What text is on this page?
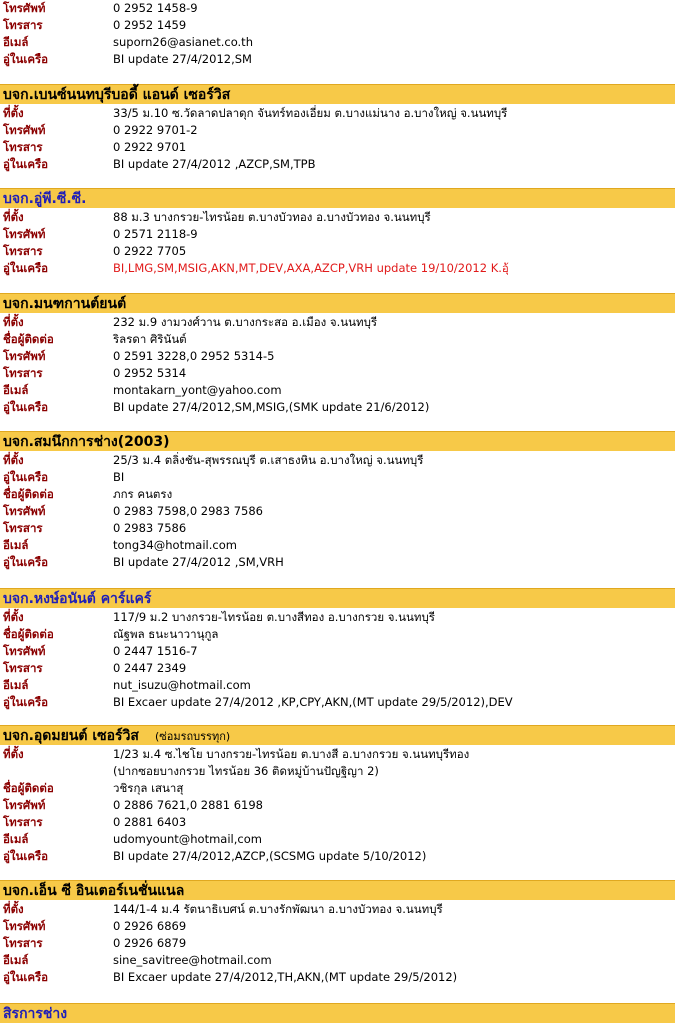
โทรศัพท์	0 2952 1458-9
โทรสาร	0 2952 1459
อีเมล์	suporn26@asianet.co.th
อู่ในเครือ	BI update 27/4/2012,SM
บจก.เบนซ์นนทบุรีบอดี้ แอนด์ เซอร์วิส
ที่ตั้ง	33/5 ม.10 ซ.วัดลาดปลาดุก จันทร์ทองเอี่ยม ต.บางแม่นาง อ.บางใหญ่ จ.นนทบุรี
โทรศัพท์	0 2922 9701-2
โทรสาร	0 2922 9701
อู่ในเครือ	BI update 27/4/2012 ,AZCP,SM,TPB
บจก.อู่พี.ซี.ซี.
ที่ตั้ง	88 ม.3 บางกรวย-ไทรน้อย ต.บางบัวทอง อ.บางบัวทอง จ.นนทบุรี
โทรศัพท์	0 2571 2118-9
โทรสาร	0 2922 7705
อู่ในเครือ	BI,LMG,SM,MSIG,AKN,MT,DEV,AXA,AZCP,VRH update 19/10/2012 K.อุ้
บจก.มนฑกานต์ยนต์
ที่ตั้ง	232 ม.9 งามวงศ์วาน ต.บางกระสอ อ.เมือง จ.นนทบุรี
ชื่อผู้ติดต่อ	ริลรดา ศิรินันต์
โทรศัพท์	0 2591 3228,0 2952 5314-5
โทรสาร	0 2952 5314
อีเมล์	montakarn_yont@yahoo.com
อู่ในเครือ	BI update 27/4/2012,SM,MSIG,(SMK update 21/6/2012)
บจก.สมนึกการช่าง(2003)
ที่ตั้ง	25/3 ม.4 ตลิ่งชัน-สุพรรณบุรี ต.เสาธงหิน อ.บางใหญ่ จ.นนทบุรี
อู่ในเครือ	BI
ชื่อผู้ติดต่อ	ภกร คนตรง
โทรศัพท์	0 2983 7598,0 2983 7586
โทรสาร	0 2983 7586
อีเมล์	tong34@hotmail.com
อู่ในเครือ	BI update 27/4/2012 ,SM,VRH
บจก.หงษ์อนันต์ คาร์แคร์
ที่ตั้ง	117/9 ม.2 บางกรวย-ไทรน้อย ต.บางสีทอง อ.บางกรวย จ.นนทบุรี
ชื่อผู้ติดต่อ	ณัฐพล ธนะนาวานุกูล
โทรศัพท์	0 2447 1516-7
โทรสาร	0 2447 2349
อีเมล์	nut_isuzu@hotmail.com
อู่ในเครือ	BI Excaer update 27/4/2012 ,KP,CPY,AKN,(MT update 29/5/2012),DEV
บจก.อุดมยนต์ เซอร์วิส (ซ่อมรถบรรทุก)
ที่ตั้ง	1/23 ม.4 ซ.ไชโย บางกรวย-ไทรน้อย ต.บางสี อ.บางกรวย จ.นนทบุรีทอง
(ปากซอยบางกรวย ไทรน้อย 36 ติดหมู่บ้านปัญฐิญา 2)
ชื่อผู้ติดต่อ	วชิรกุล เสนาสุ
โทรศัพท์	0 2886 7621,0 2881 6198
โทรสาร	0 2881 6403
อีเมล์	udomyount@hotmail,com
อู่ในเครือ	BI update 27/4/2012,AZCP,(SCSMG update 5/10/2012)
บจก.เอ็น ซี อินเตอร์เนชั่นแนล
ที่ตั้ง	144/1-4 ม.4 รัตนาธิเบศน์ ต.บางรักพัฒนา อ.บางบัวทอง จ.นนทบุรี
โทรศัพท์	0 2926 6869
โทรสาร	0 2926 6879
อีเมล์	sine_savitree@hotmail.com
อู่ในเครือ	BI Excaer update 27/4/2012,TH,AKN,(MT update 29/5/2012)
สิรการช่าง
